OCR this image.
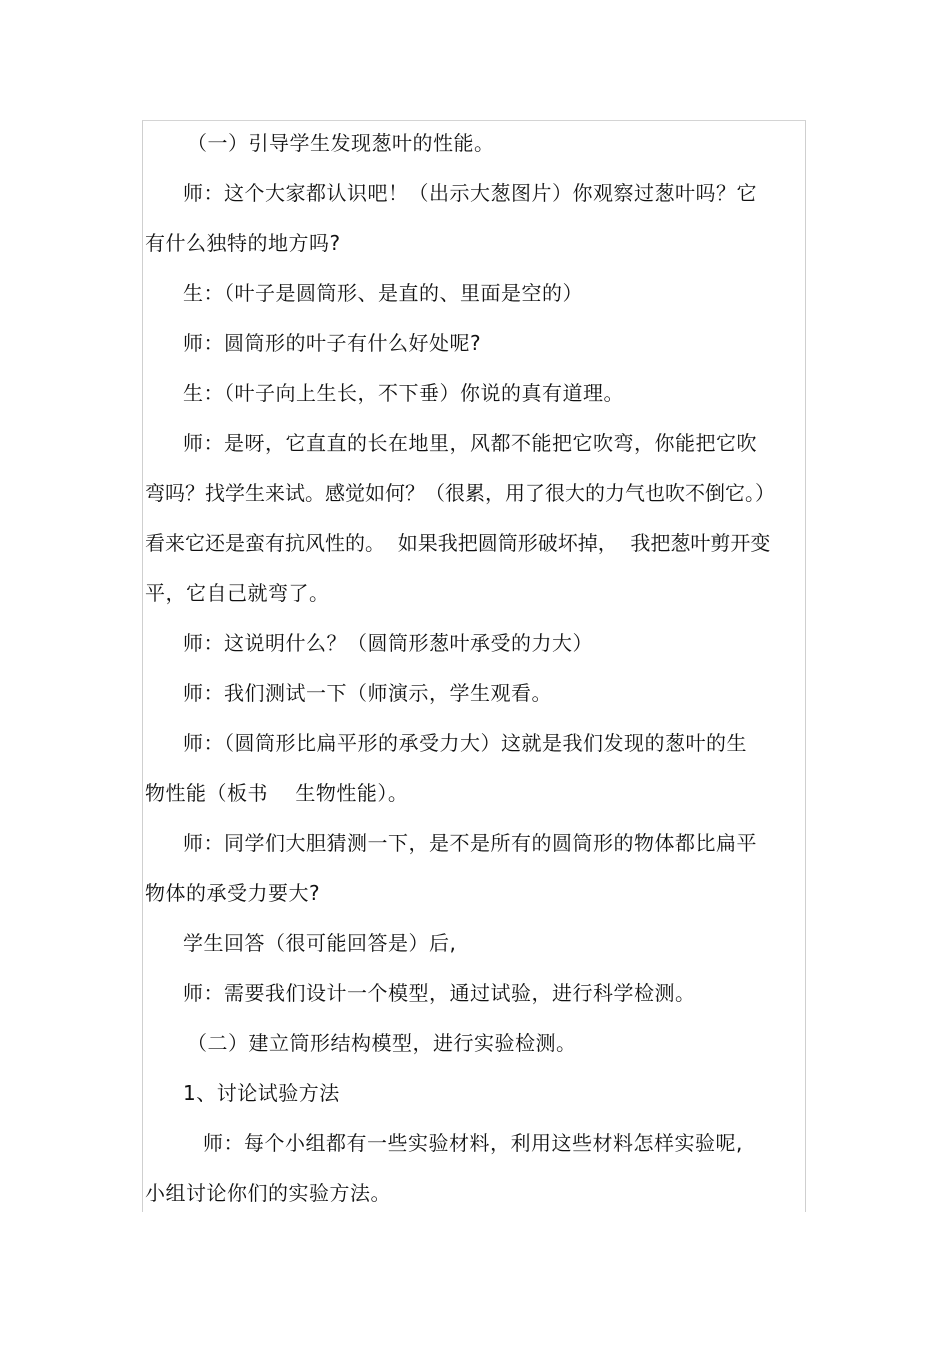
（一）引导学生发现葱叶的性能。
师：这个大家都认识吧！（出示大葱图片）你观察过葱叶吗？它
有什么独特的地方吗?
生：（叶子是圆筒形、是直的、里面是空的）
师：圆筒形的叶子有什么好处呢?
生：（叶子向上生长，不下垂）你说的真有道理。
师：是呀，它直直的长在地里，风都不能把它吹弯，你能把它吹
弯吗？找学生来试。感觉如何？（很累，用了很大的力气也吹不倒它。）
看来它还是蛮有抗风性的。  如果我把圆筒形破坏掉，  我把葱叶剪开变
平，它自己就弯了。
师：这说明什么？（圆筒形葱叶承受的力大）
师：我们测试一下（师演示，学生观看。
师：（圆筒形比扁平形的承受力大）这就是我们发现的葱叶的生
物性能（板书    生物性能）。
师：同学们大胆猜测一下，是不是所有的圆筒形的物体都比扁平
物体的承受力要大?
学生回答（很可能回答是）后,
师：需要我们设计一个模型，通过试验，进行科学检测。
（二）建立筒形结构模型，进行实验检测。
1、讨论试验方法
师：每个小组都有一些实验材料，利用这些材料怎样实验呢,
小组讨论你们的实验方法。
